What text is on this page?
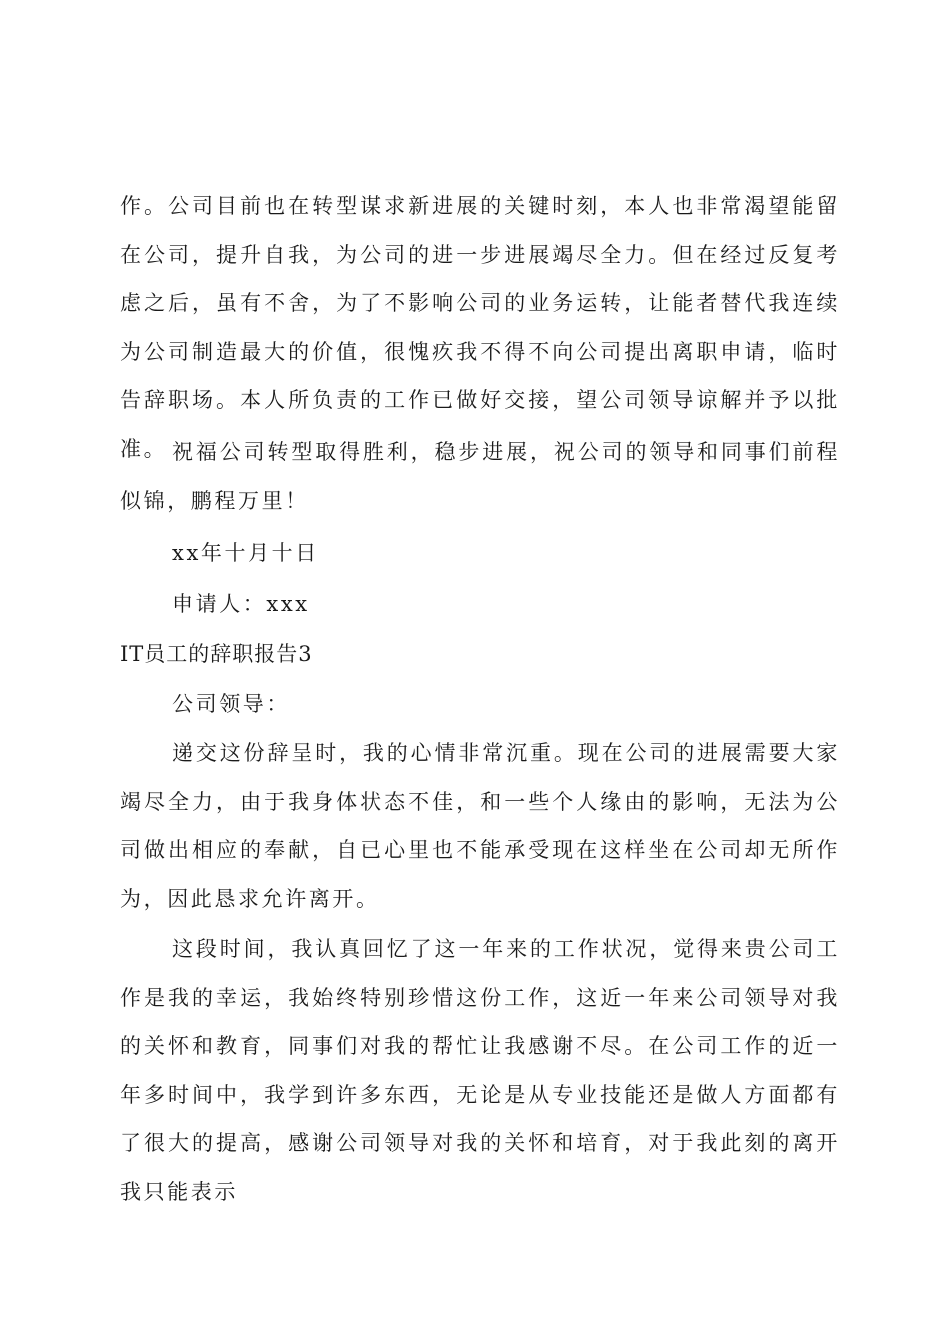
作。公司目前也在转型谋求新进展的关键时刻，本人也非常渴望能留在公司，提升自我，为公司的进一步进展竭尽全力。但在经过反复考虑之后，虽有不舍，为了不影响公司的业务运转，让能者替代我连续为公司制造最大的价值，很愧疚我不得不向公司提出离职申请，临时告辞职场。本人所负责的工作已做好交接，望公司领导谅解并予以批准。 祝福公司转型取得胜利，稳步进展，祝公司的领导和同事们前程似锦，鹏程万里！

xx年十月十日

申请人：xxx

IT员工的辞职报告3

公司领导：

递交这份辞呈时，我的心情非常沉重。现在公司的进展需要大家竭尽全力，由于我身体状态不佳，和一些个人缘由的影响，无法为公司做出相应的奉献，自已心里也不能承受现在这样坐在公司却无所作为，因此恳求允许离开。

这段时间，我认真回忆了这一年来的工作状况，觉得来贵公司工作是我的幸运，我始终特别珍惜这份工作，这近一年来公司领导对我的关怀和教育，同事们对我的帮忙让我感谢不尽。在公司工作的近一年多时间中，我学到许多东西，无论是从专业技能还是做人方面都有了很大的提高，感谢公司领导对我的关怀和培育，对于我此刻的离开我只能表示
